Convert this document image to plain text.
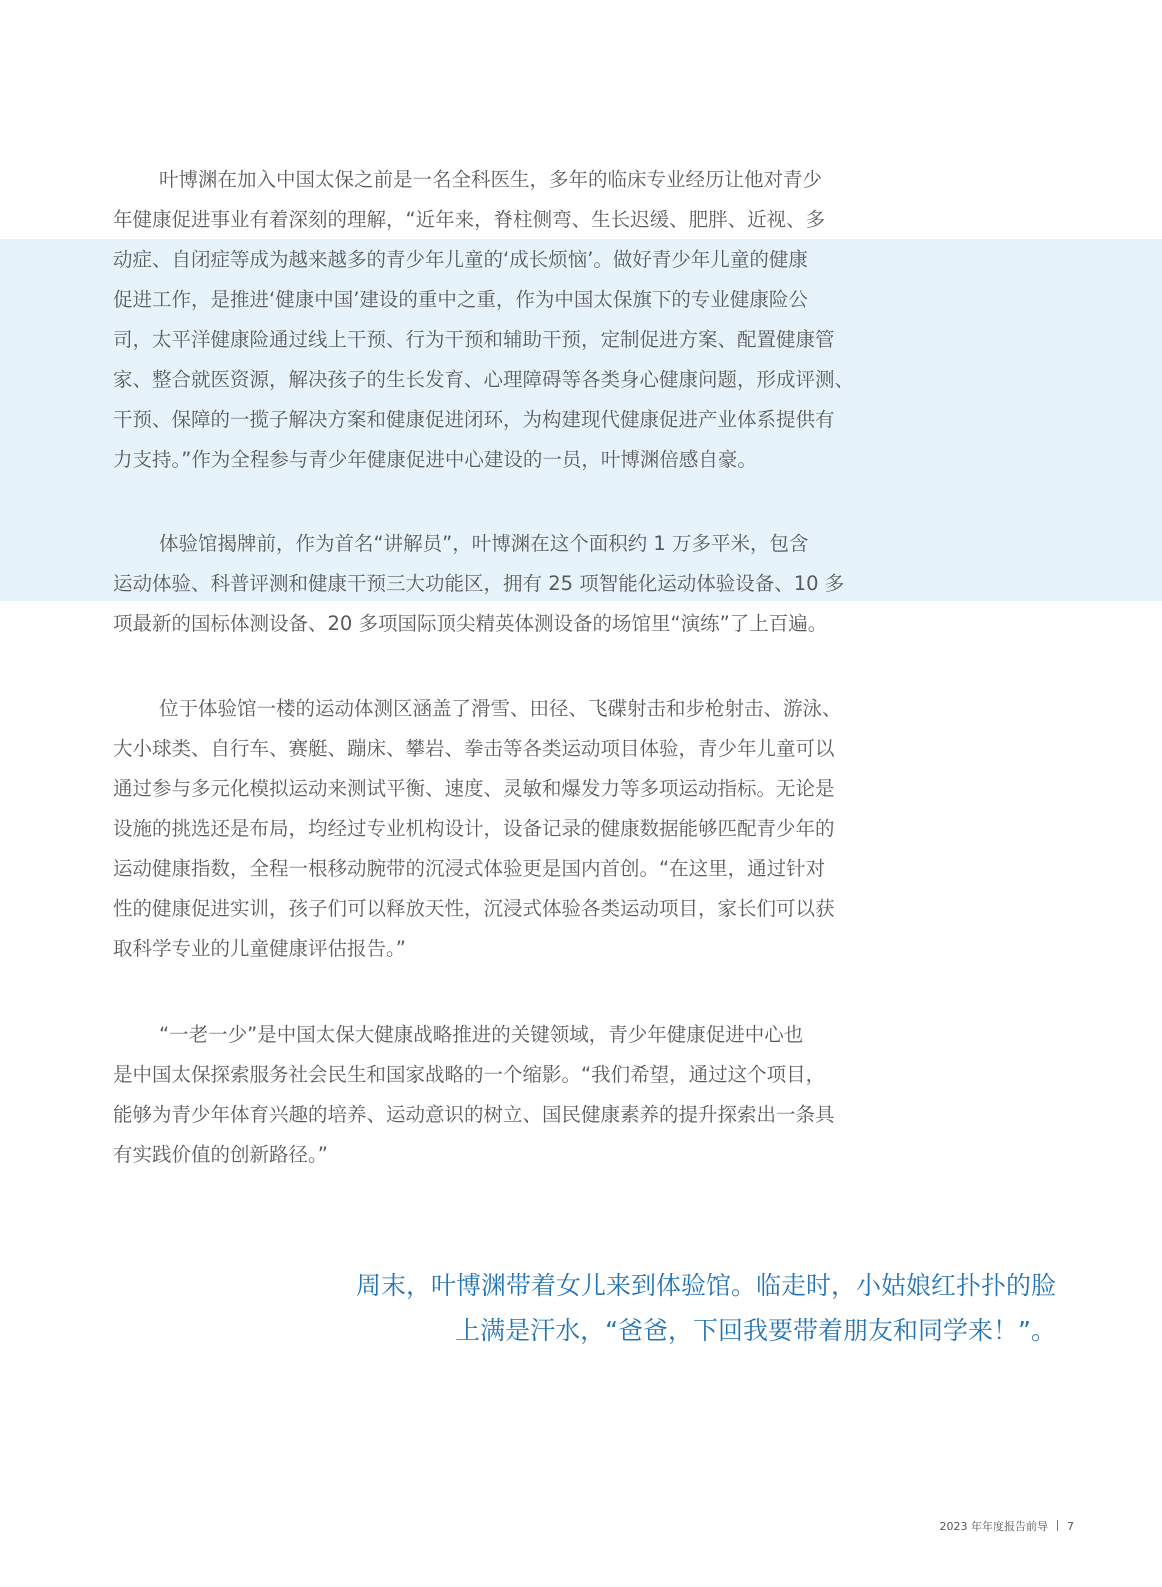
叶博渊在加入中国太保之前是一名全科医生，多年的临床专业经历让他对青少
年健康促进事业有着深刻的理解，“近年来，脊柱侧弯、生长迟缓、肥胖、近视、多
动症、自闭症等成为越来越多的青少年儿童的‘成长烦恼’。做好青少年儿童的健康
促进工作，是推进‘健康中国’建设的重中之重，作为中国太保旗下的专业健康险公
司，太平洋健康险通过线上干预、行为干预和辅助干预，定制促进方案、配置健康管
家、整合就医资源，解决孩子的生长发育、心理障碍等各类身心健康问题，形成评测、
干预、保障的一揽子解决方案和健康促进闭环，为构建现代健康促进产业体系提供有
力支持。”作为全程参与青少年健康促进中心建设的一员，叶博渊倍感自豪。

体验馆揭牌前，作为首名“讲解员”，叶博渊在这个面积约 1 万多平米，包含
运动体验、科普评测和健康干预三大功能区，拥有 25 项智能化运动体验设备、10 多
项最新的国标体测设备、20 多项国际顶尖精英体测设备的场馆里“演练”了上百遍。

位于体验馆一楼的运动体测区涵盖了滑雪、田径、飞碟射击和步枪射击、游泳、
大小球类、自行车、赛艇、蹦床、攀岩、拳击等各类运动项目体验，青少年儿童可以
通过参与多元化模拟运动来测试平衡、速度、灵敏和爆发力等多项运动指标。无论是
设施的挑选还是布局，均经过专业机构设计，设备记录的健康数据能够匹配青少年的
运动健康指数，全程一根移动腕带的沉浸式体验更是国内首创。“在这里，通过针对
性的健康促进实训，孩子们可以释放天性，沉浸式体验各类运动项目，家长们可以获
取科学专业的儿童健康评估报告。”

“一老一少”是中国太保大健康战略推进的关键领域，青少年健康促进中心也
是中国太保探索服务社会民生和国家战略的一个缩影。“我们希望，通过这个项目，
能够为青少年体育兴趣的培养、运动意识的树立、国民健康素养的提升探索出一条具
有实践价值的创新路径。”

周末，叶博渊带着女儿来到体验馆。临走时，小姑娘红扑扑的脸
上满是汗水，“爸爸，下回我要带着朋友和同学来！”。

2023 年年度报告前导 7
